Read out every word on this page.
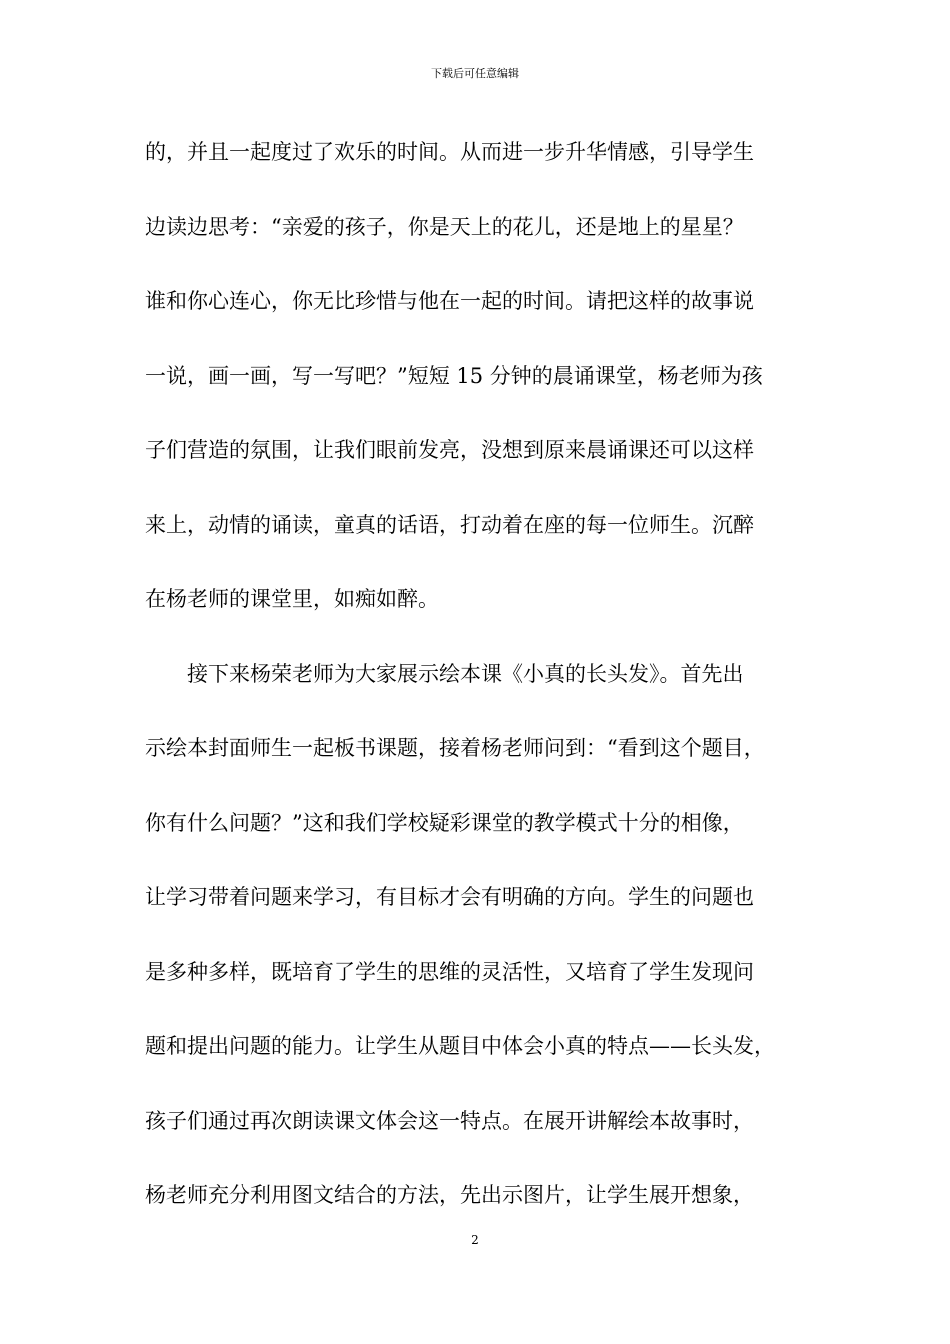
下载后可任意编辑
的，并且一起度过了欢乐的时间。从而进一步升华情感，引导学生
边读边思考：“亲爱的孩子，你是天上的花儿，还是地上的星星？
谁和你心连心，你无比珍惜与他在一起的时间。请把这样的故事说
一说，画一画，写一写吧？”短短 15 分钟的晨诵课堂，杨老师为孩
子们营造的氛围，让我们眼前发亮，没想到原来晨诵课还可以这样
来上，动情的诵读，童真的话语，打动着在座的每一位师生。沉醉
在杨老师的课堂里，如痴如醉。
　　接下来杨荣老师为大家展示绘本课《小真的长头发》。首先出
示绘本封面师生一起板书课题，接着杨老师问到：“看到这个题目，
你有什么问题？”这和我们学校疑彩课堂的教学模式十分的相像，
让学习带着问题来学习，有目标才会有明确的方向。学生的问题也
是多种多样，既培育了学生的思维的灵活性，又培育了学生发现问
题和提出问题的能力。让学生从题目中体会小真的特点——长头发，
孩子们通过再次朗读课文体会这一特点。在展开讲解绘本故事时，
杨老师充分利用图文结合的方法，先出示图片，让学生展开想象，
2
